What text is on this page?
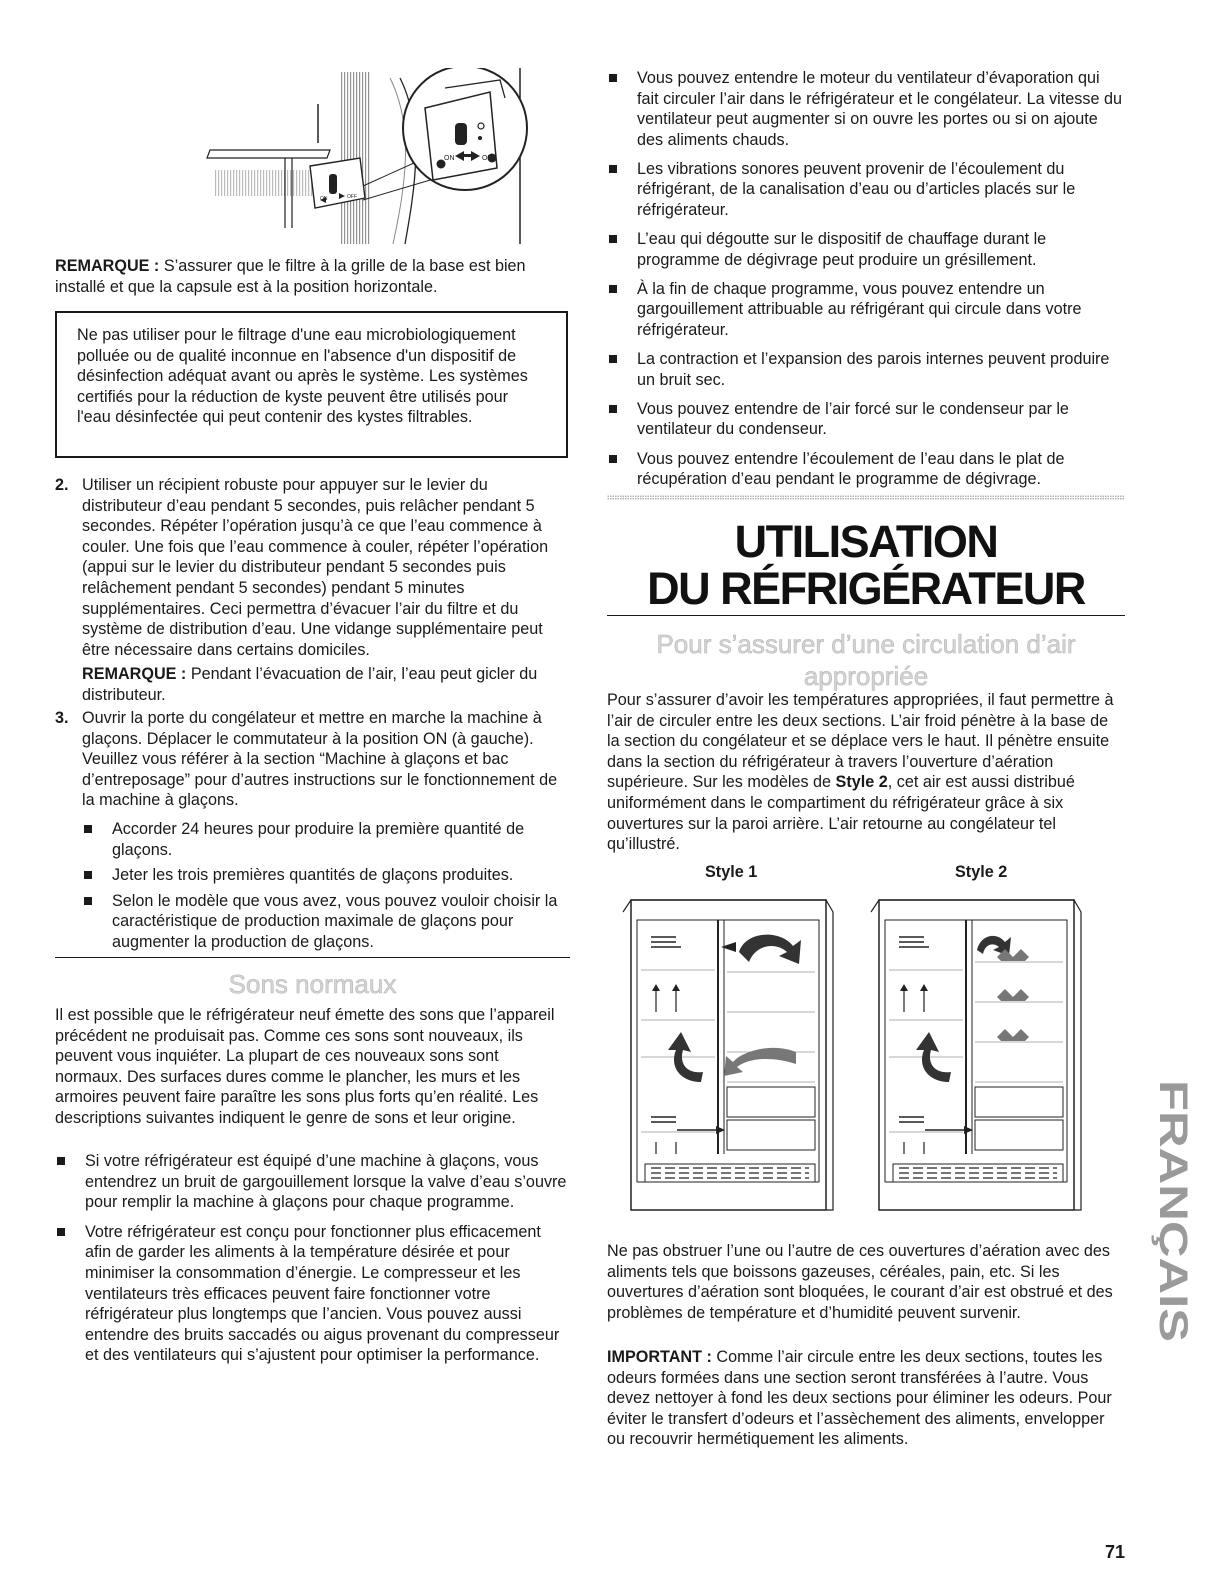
ON	OFF
ON	OFF

REMARQUE : S’assurer que le filtre à la grille de la base est bien installé et que la capsule est à la position horizontale.

Ne pas utiliser pour le filtrage d'une eau microbiologiquement polluée ou de qualité inconnue en l'absence d'un dispositif de désinfection adéquat avant ou après le système. Les systèmes certifiés pour la réduction de kyste peuvent être utilisés pour l'eau désinfectée qui peut contenir des kystes filtrables.

2. Utiliser un récipient robuste pour appuyer sur le levier du distributeur d’eau pendant 5 secondes, puis relâcher pendant 5 secondes. Répéter l’opération jusqu’à ce que l’eau commence à couler. Une fois que l’eau commence à couler, répéter l’opération (appui sur le levier du distributeur pendant 5 secondes puis relâchement pendant 5 secondes) pendant 5 minutes supplémentaires. Ceci permettra d’évacuer l’air du filtre et du système de distribution d’eau. Une vidange supplémentaire peut être nécessaire dans certains domiciles.

REMARQUE : Pendant l’évacuation de l’air, l’eau peut gicler du distributeur.

3. Ouvrir la porte du congélateur et mettre en marche la machine à glaçons. Déplacer le commutateur à la position ON (à gauche). Veuillez vous référer à la section “Machine à glaçons et bac d’entreposage” pour d’autres instructions sur le fonctionnement de la machine à glaçons.

Accorder 24 heures pour produire la première quantité de glaçons.
Jeter les trois premières quantités de glaçons produites.
Selon le modèle que vous avez, vous pouvez vouloir choisir la caractéristique de production maximale de glaçons pour augmenter la production de glaçons.
Sons normaux

Il est possible que le réfrigérateur neuf émette des sons que l’appareil précédent ne produisait pas. Comme ces sons sont nouveaux, ils peuvent vous inquiéter. La plupart de ces nouveaux sons sont normaux. Des surfaces dures comme le plancher, les murs et les armoires peuvent faire paraître les sons plus forts qu’en réalité. Les descriptions suivantes indiquent le genre de sons et leur origine.

Si votre réfrigérateur est équipé d’une machine à glaçons, vous entendrez un bruit de gargouillement lorsque la valve d’eau s’ouvre pour remplir la machine à glaçons pour chaque programme.
Votre réfrigérateur est conçu pour fonctionner plus efficacement afin de garder les aliments à la température désirée et pour minimiser la consommation d’énergie. Le compresseur et les ventilateurs très efficaces peuvent faire fonctionner votre réfrigérateur plus longtemps que l’ancien. Vous pouvez aussi entendre des bruits saccadés ou aigus provenant du compresseur et des ventilateurs qui s’ajustent pour optimiser la performance.
Vous pouvez entendre le moteur du ventilateur d’évaporation qui fait circuler l’air dans le réfrigérateur et le congélateur. La vitesse du ventilateur peut augmenter si on ouvre les portes ou si on ajoute des aliments chauds.
Les vibrations sonores peuvent provenir de l’écoulement du réfrigérant, de la canalisation d’eau ou d’articles placés sur le réfrigérateur.
L’eau qui dégoutte sur le dispositif de chauffage durant le programme de dégivrage peut produire un grésillement.
À la fin de chaque programme, vous pouvez entendre un gargouillement attribuable au réfrigérant qui circule dans votre réfrigérateur.
La contraction et l’expansion des parois internes peuvent produire un bruit sec.
Vous pouvez entendre de l’air forcé sur le condenseur par le ventilateur du condenseur.
Vous pouvez entendre l’écoulement de l’eau dans le plat de récupération d’eau pendant le programme de dégivrage.
UTILISATION
DU RÉFRIGÉRATEUR
Pour s’assurer d’une circulation d’air appropriée

Pour s’assurer d’avoir les températures appropriées, il faut permettre à l’air de circuler entre les deux sections. L’air froid pénètre à la base de la section du congélateur et se déplace vers le haut. Il pénètre ensuite dans la section du réfrigérateur à travers l’ouverture d’aération supérieure. Sur les modèles de Style 2, cet air est aussi distribué uniformément dans le compartiment du réfrigérateur grâce à six ouvertures sur la paroi arrière. L’air retourne au congélateur tel qu’illustré.

Style 1	Style 2

Ne pas obstruer l’une ou l’autre de ces ouvertures d’aération avec des aliments tels que boissons gazeuses, céréales, pain, etc. Si les ouvertures d’aération sont bloquées, le courant d’air est obstrué et des problèmes de température et d’humidité peuvent survenir.

IMPORTANT : Comme l’air circule entre les deux sections, toutes les odeurs formées dans une section seront transférées à l’autre. Vous devez nettoyer à fond les deux sections pour éliminer les odeurs. Pour éviter le transfert d’odeurs et l’assèchement des aliments, envelopper ou recouvrir hermétiquement les aliments.

FRANÇAIS
71
